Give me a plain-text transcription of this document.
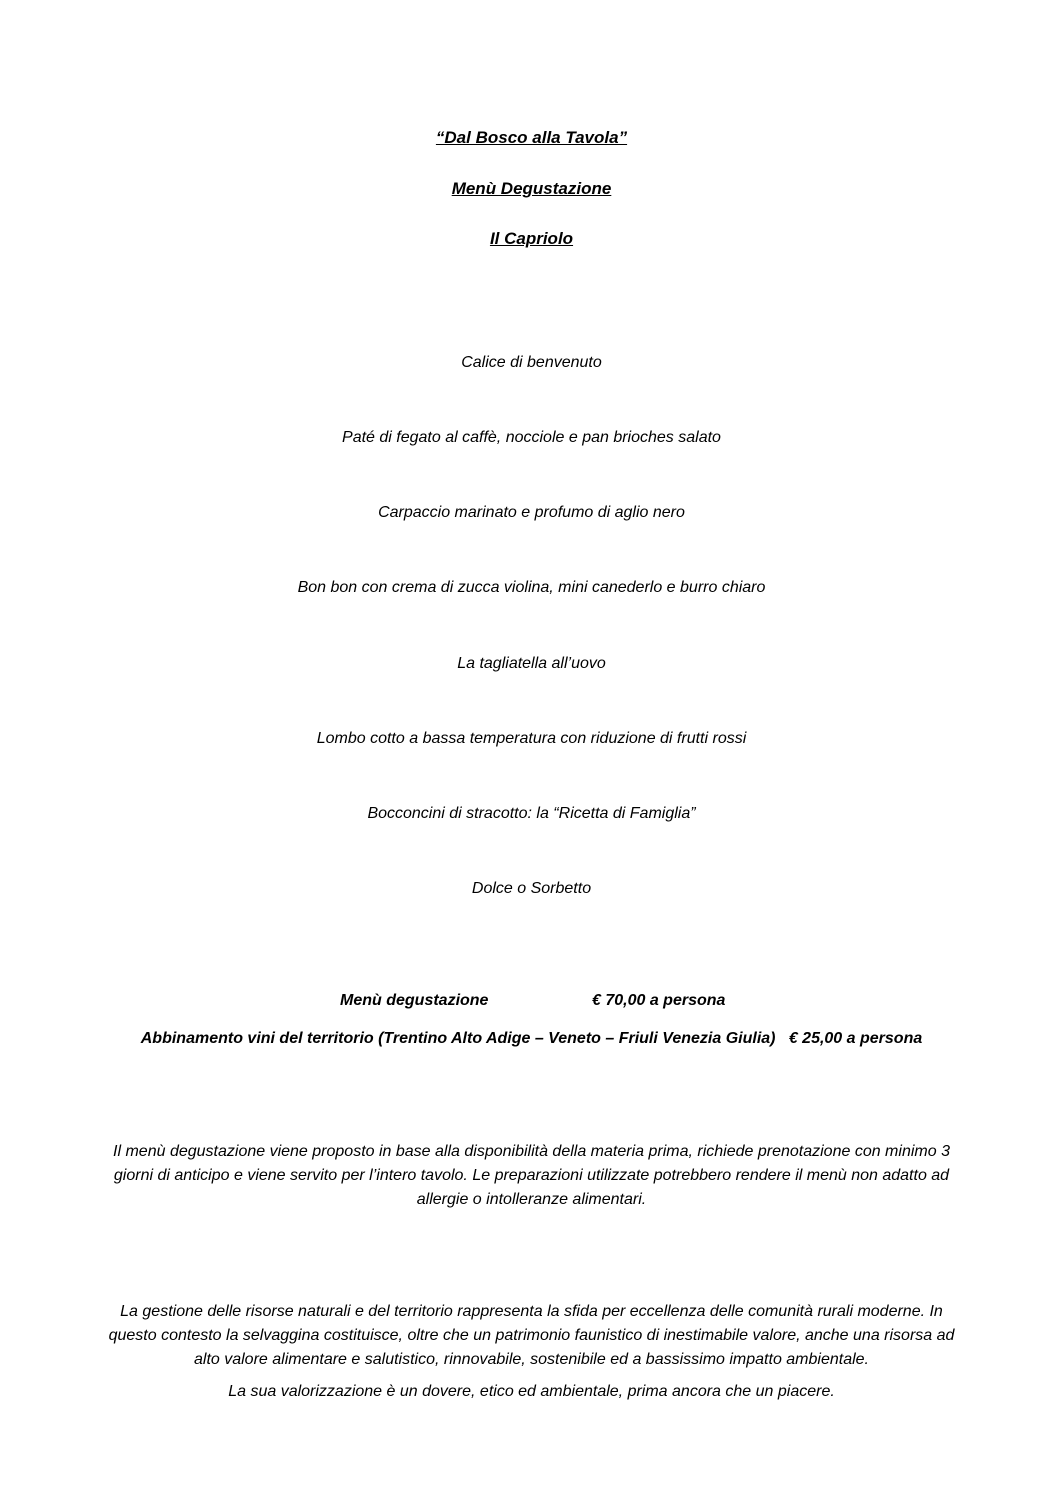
“Dal Bosco alla Tavola”
Menù Degustazione
Il Capriolo
Calice di benvenuto
Paté di fegato al caffè, nocciole e pan brioches salato
Carpaccio marinato e profumo di aglio nero
Bon bon con crema di zucca violina, mini canederlo e burro chiaro
La tagliatella all’uovo
Lombo cotto a bassa temperatura con riduzione di frutti rossi
Bocconcini di stracotto: la “Ricetta di Famiglia”
Dolce o Sorbetto
Menù degustazione	€ 70,00 a persona
Abbinamento vini del territorio (Trentino Alto Adige – Veneto – Friuli Venezia Giulia)   € 25,00 a persona
Il menù degustazione viene proposto in base alla disponibilità della materia prima, richiede prenotazione con minimo 3 giorni di anticipo e viene servito per l’intero tavolo. Le preparazioni utilizzate potrebbero rendere il menù non adatto ad allergie o intolleranze alimentari.
La gestione delle risorse naturali e del territorio rappresenta la sfida per eccellenza delle comunità rurali moderne. In questo contesto la selvaggina costituisce, oltre che un patrimonio faunistico di inestimabile valore, anche una risorsa ad alto valore alimentare e salutistico, rinnovabile, sostenibile ed a bassissimo impatto ambientale.
La sua valorizzazione è un dovere, etico ed ambientale, prima ancora che un piacere.
